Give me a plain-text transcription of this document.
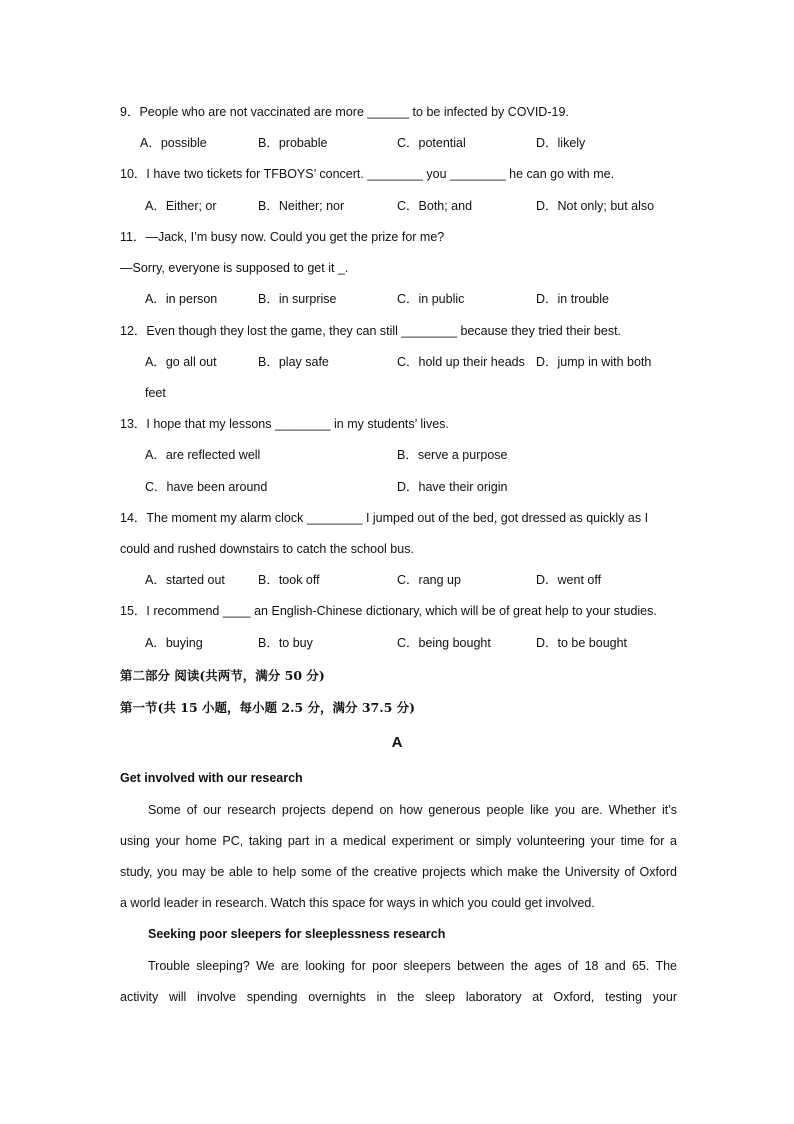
9．People who are not vaccinated are more ______ to be infected by COVID-19.
A．possible	B．probable	C．potential	D．likely
10．I have two tickets for TFBOYS’ concert. ________ you ________ he can go with me.
A．Either; or	B．Neither; nor	C．Both; and	D．Not only; but also
11．—Jack, I’m busy now. Could you get the prize for me?
—Sorry, everyone is supposed to get it _.
A．in person	B．in surprise	C．in public	D．in trouble
12．Even though they lost the game, they can still ________ because they tried their best.
A．go all out	B．play safe	C．hold up their heads D．jump in with both
feet
13．I hope that my lessons ________ in my students’ lives.
A．are reflected well	B．serve a purpose
C．have been around	D．have their origin
14．The moment my alarm clock ________ I jumped out of the bed, got dressed as quickly as I
could and rushed downstairs to catch the school bus.
A．started out	B．took off	C．rang up	D．went off
15．I recommend ____ an English-Chinese dictionary, which will be of great help to your studies.
A．buying	B．to buy	C．being bought	D．to be bought
第二部分 阅读(共两节，满分 50 分)
第一节(共 15 小题，每小题 2.5 分，满分 37.5 分)
A
Get involved with our research
Some of our research projects depend on how generous people like you are. Whether it’s
using your home PC, taking part in a medical experiment or simply volunteering your time for a
study, you may be able to help some of the creative projects which make the University of Oxford
a world leader in research. Watch this space for ways in which you could get involved.
Seeking poor sleepers for sleeplessness research
Trouble sleeping? We are looking for poor sleepers between the ages of 18 and 65. The
activity will involve spending overnights in the sleep laboratory at Oxford, testing your
